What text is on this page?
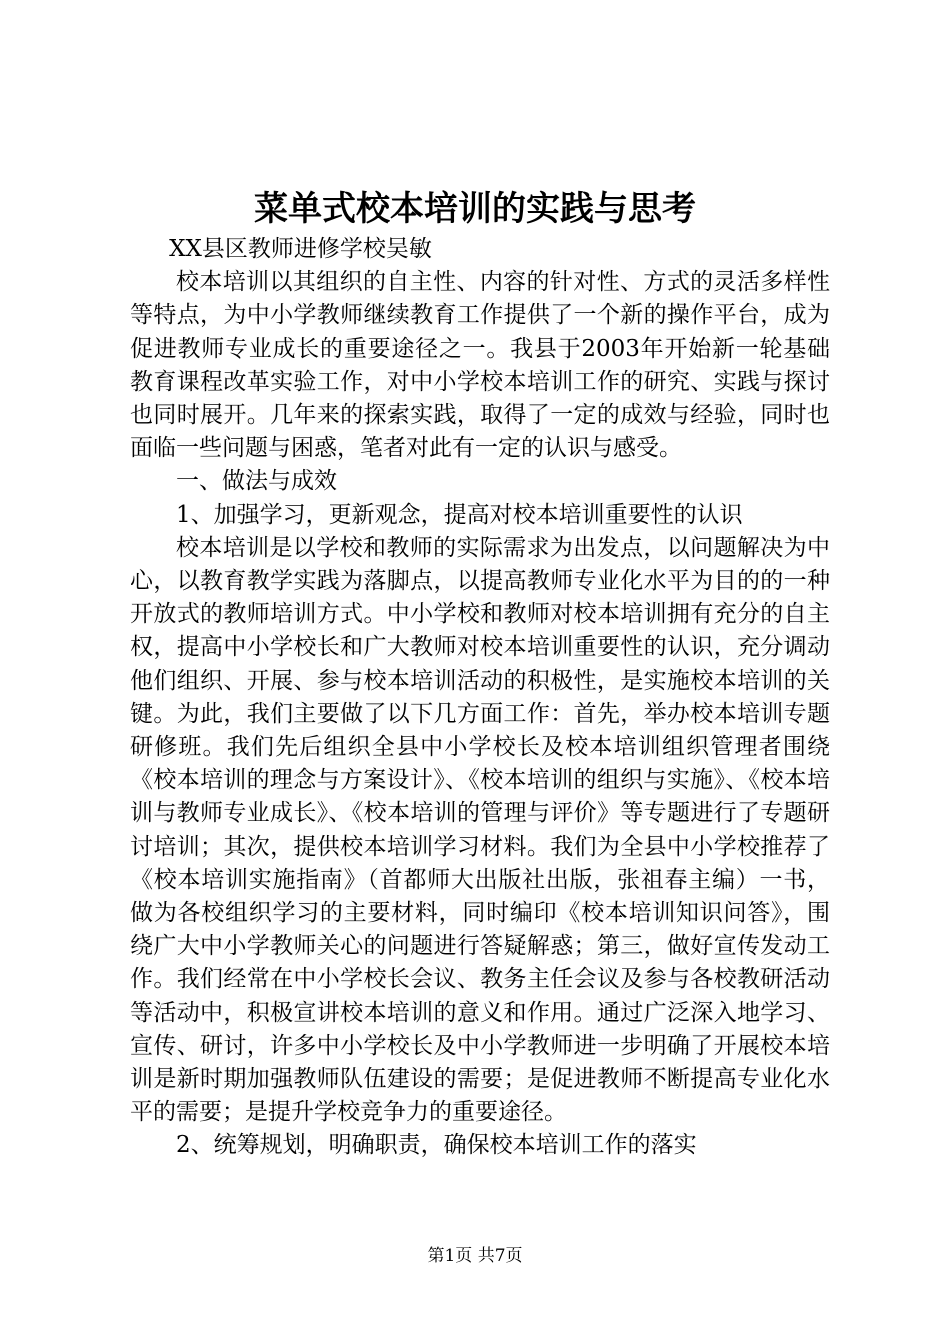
菜单式校本培训的实践与思考

XX县区教师进修学校吴敏

校本培训以其组织的自主性、内容的针对性、方式的灵活多样性等特点，为中小学教师继续教育工作提供了一个新的操作平台，成为促进教师专业成长的重要途径之一。我县于2003年开始新一轮基础教育课程改革实验工作，对中小学校本培训工作的研究、实践与探讨也同时展开。几年来的探索实践，取得了一定的成效与经验，同时也面临一些问题与困惑，笔者对此有一定的认识与感受。

一、做法与成效

1、加强学习，更新观念，提高对校本培训重要性的认识

校本培训是以学校和教师的实际需求为出发点，以问题解决为中心，以教育教学实践为落脚点，以提高教师专业化水平为目的的一种开放式的教师培训方式。中小学校和教师对校本培训拥有充分的自主权，提高中小学校长和广大教师对校本培训重要性的认识，充分调动他们组织、开展、参与校本培训活动的积极性，是实施校本培训的关键。为此，我们主要做了以下几方面工作：首先，举办校本培训专题研修班。我们先后组织全县中小学校长及校本培训组织管理者围绕《校本培训的理念与方案设计》、《校本培训的组织与实施》、《校本培训与教师专业成长》、《校本培训的管理与评价》等专题进行了专题研讨培训；其次，提供校本培训学习材料。我们为全县中小学校推荐了《校本培训实施指南》（首都师大出版社出版，张祖春主编）一书，做为各校组织学习的主要材料，同时编印《校本培训知识问答》，围绕广大中小学教师关心的问题进行答疑解惑；第三，做好宣传发动工作。我们经常在中小学校长会议、教务主任会议及参与各校教研活动等活动中，积极宣讲校本培训的意义和作用。通过广泛深入地学习、宣传、研讨，许多中小学校长及中小学教师进一步明确了开展校本培训是新时期加强教师队伍建设的需要；是促进教师不断提高专业化水平的需要；是提升学校竞争力的重要途径。

2、统筹规划，明确职责，确保校本培训工作的落实

第1页 共7页
